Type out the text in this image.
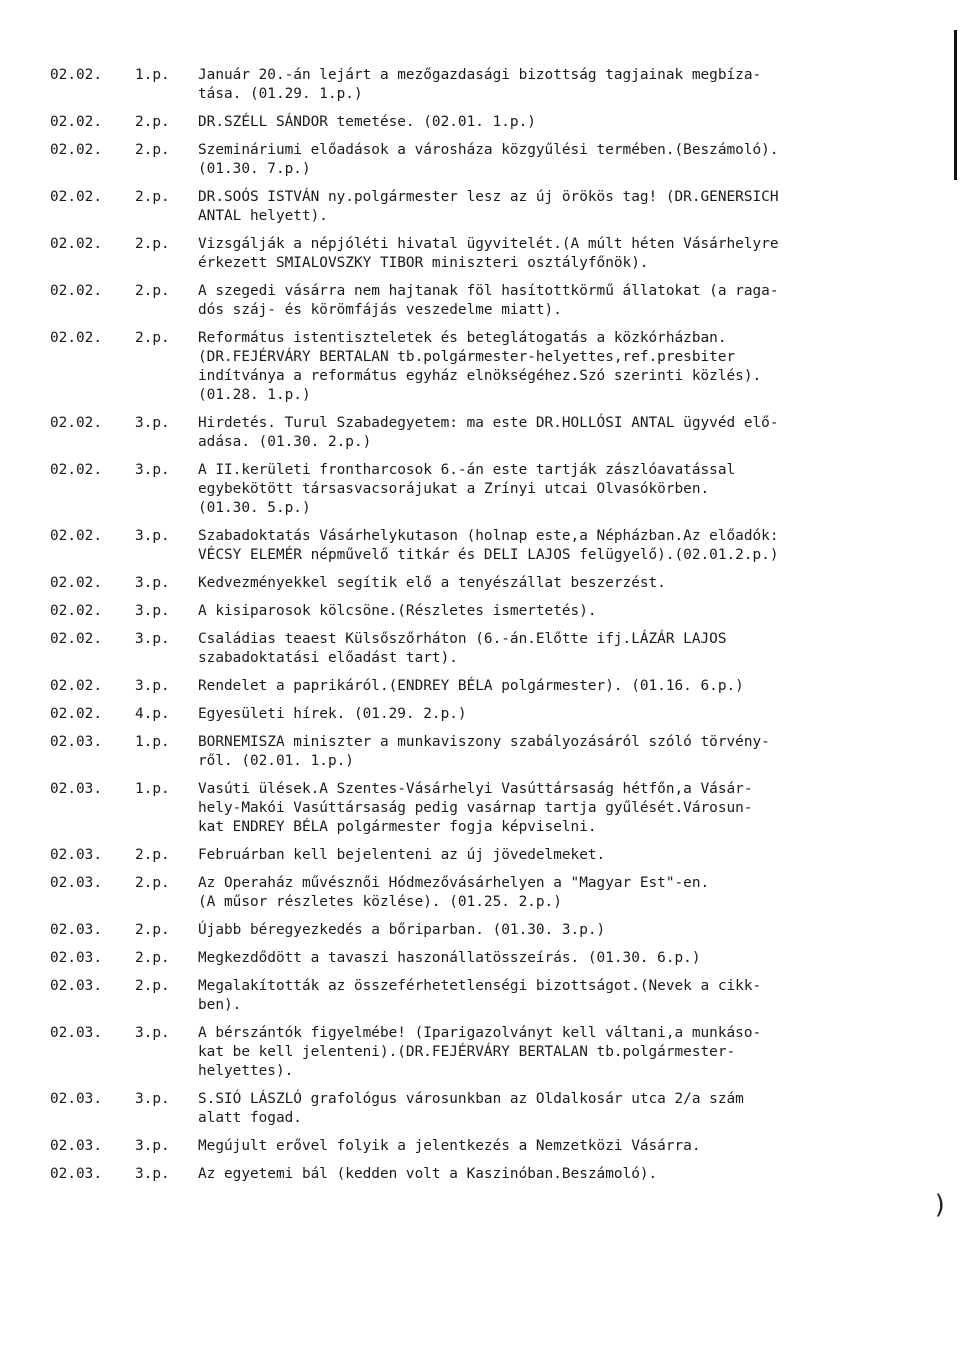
02.02.	1.p.	Január 20.-án lejárt a mezőgazdasági bizottság tagjainak megbíza-
tása. (01.29. 1.p.)
02.02.	2.p.	DR.SZÉLL SÁNDOR temetése. (02.01. 1.p.)
02.02.	2.p.	Szemináriumi előadások a városháza közgyűlési termében.(Beszámoló).
(01.30. 7.p.)
02.02.	2.p.	DR.SOÓS ISTVÁN ny.polgármester lesz az új örökös tag! (DR.GENERSICH
ANTAL helyett).
02.02.	2.p.	Vizsgálják a népjóléti hivatal ügyvitelét.(A múlt héten Vásárhelyre
érkezett SMIALOVSZKY TIBOR miniszteri osztályfőnök).
02.02.	2.p.	A szegedi vásárra nem hajtanak föl hasítottkörmű állatokat (a raga-
dós száj- és körömfájás veszedelme miatt).
02.02.	2.p.	Református istentiszteletek és beteglátogatás a közkórházban.
(DR.FEJÉRVÁRY BERTALAN tb.polgármester-helyettes,ref.presbiter
indítványa a református egyház elnökségéhez.Szó szerinti közlés).
(01.28. 1.p.)
02.02.	3.p.	Hirdetés. Turul Szabadegyetem: ma este DR.HOLLÓSI ANTAL ügyvéd elő-
adása. (01.30. 2.p.)
02.02.	3.p.	A II.kerületi frontharcosok 6.-án este tartják zászlóavatással
egybekötött társasvacsorájukat a Zrínyi utcai Olvasókörben.
(01.30. 5.p.)
02.02.	3.p.	Szabadoktatás Vásárhelykutason (holnap este,a Népházban.Az előadók:
VÉCSY ELEMÉR népművelő titkár és DELI LAJOS felügyelő).(02.01.2.p.)
02.02.	3.p.	Kedvezményekkel segítik elő a tenyészállat beszerzést.
02.02.	3.p.	A kisiparosok kölcsöne.(Részletes ismertetés).
02.02.	3.p.	Családias teaest Külsőszőrháton (6.-án.Előtte ifj.LÁZÁR LAJOS
szabadoktatási előadást tart).
02.02.	3.p.	Rendelet a paprikáról.(ENDREY BÉLA polgármester). (01.16. 6.p.)
02.02.	4.p.	Egyesületi hírek. (01.29. 2.p.)
02.03.	1.p.	BORNEMISZA miniszter a munkaviszony szabályozásáról szóló törvény-
ről. (02.01. 1.p.)
02.03.	1.p.	Vasúti ülések.A Szentes-Vásárhelyi Vasúttársaság hétfőn,a Vásár-
hely-Makói Vasúttársaság pedig vasárnap tartja gyűlését.Városun-
kat ENDREY BÉLA polgármester fogja képviselni.
02.03.	2.p.	Februárban kell bejelenteni az új jövedelmeket.
02.03.	2.p.	Az Operaház művésznői Hódmezővásárhelyen a "Magyar Est"-en.
(A műsor részletes közlése). (01.25. 2.p.)
02.03.	2.p.	Újabb béregyezkedés a bőriparban. (01.30. 3.p.)
02.03.	2.p.	Megkezdődött a tavaszi haszonállatösszeírás. (01.30. 6.p.)
02.03.	2.p.	Megalakították az összeférhetetlenségi bizottságot.(Nevek a cikk-
ben).
02.03.	3.p.	A bérszántók figyelmébe! (Iparigazolványt kell váltani,a munkáso-
kat be kell jelenteni).(DR.FEJÉRVÁRY BERTALAN tb.polgármester-
helyettes).
02.03.	3.p.	S.SIÓ LÁSZLÓ grafológus városunkban az Oldalkosár utca 2/a szám
alatt fogad.
02.03.	3.p.	Megújult erővel folyik a jelentkezés a Nemzetközi Vásárra.
02.03.	3.p.	Az egyetemi bál (kedden volt a Kaszinóban.Beszámoló).
)
